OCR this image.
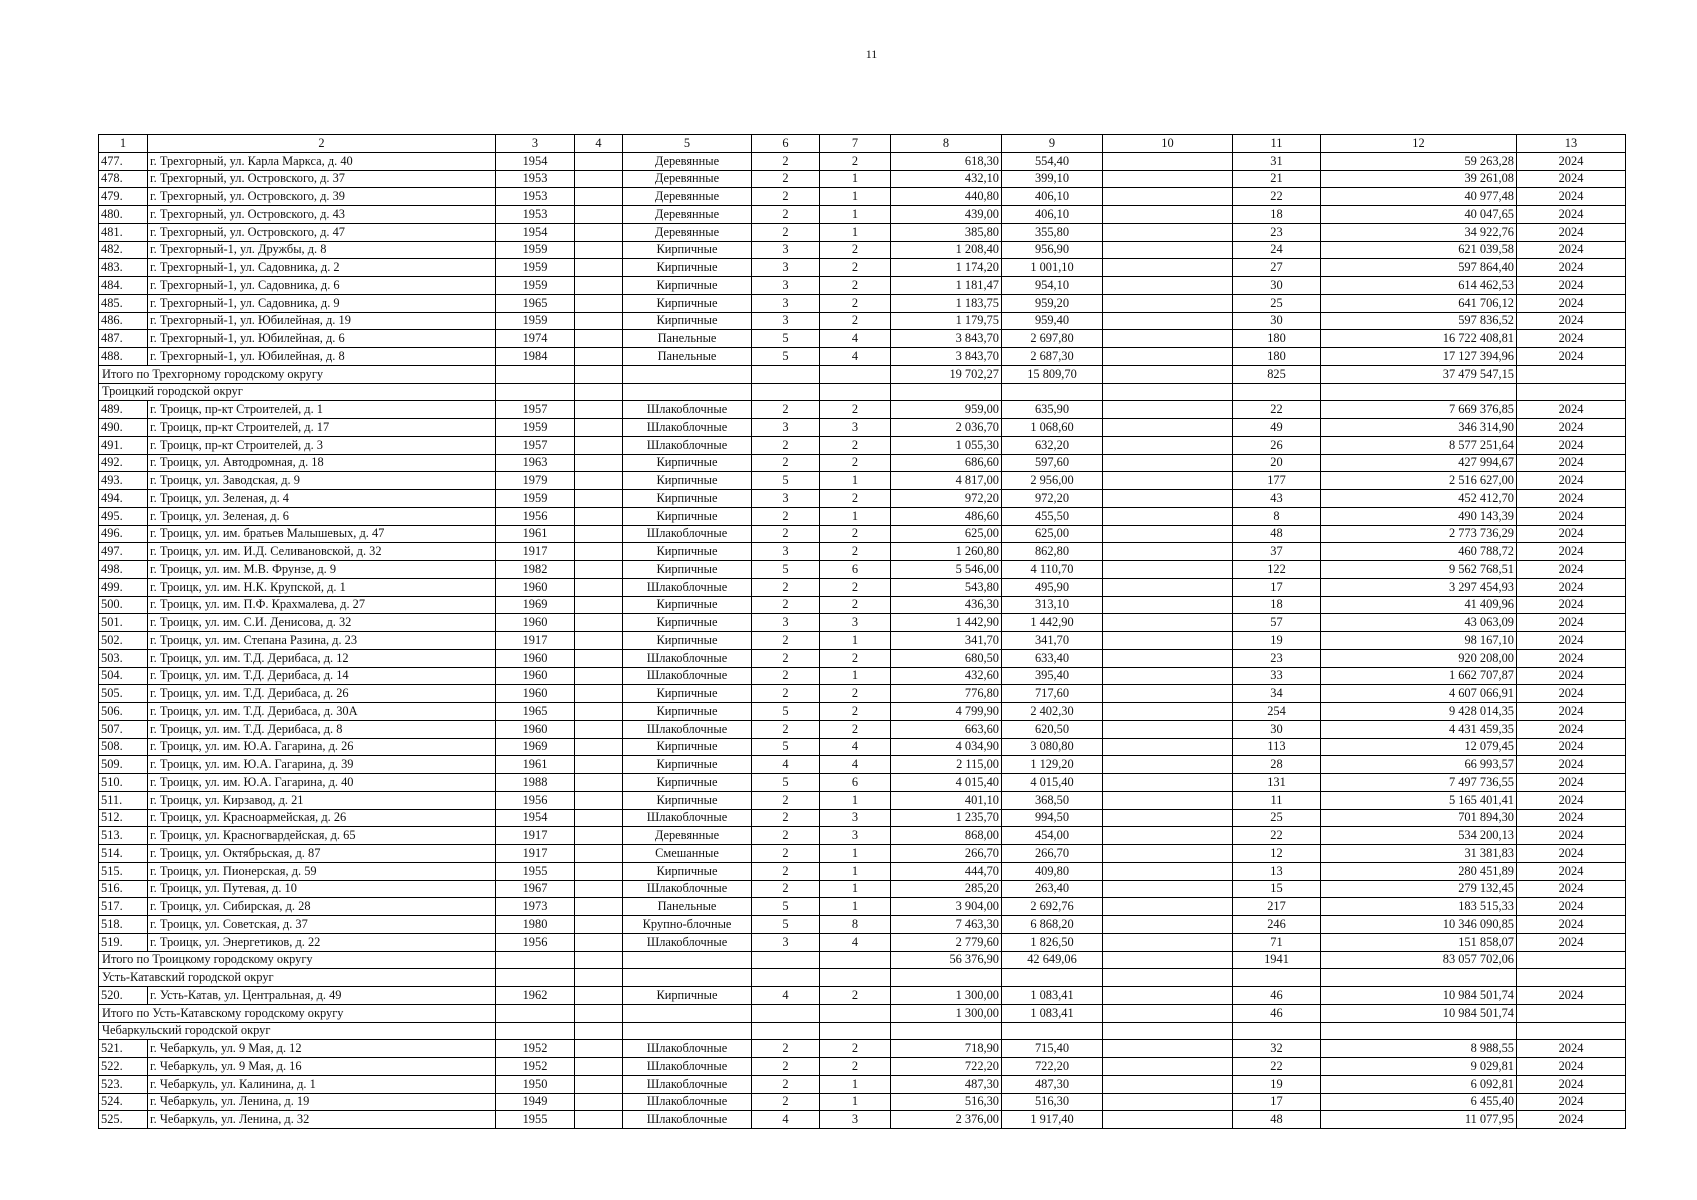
11
1	2	3	4	5	6	7	8	9	10	11	12	13
477.	г. Трехгорный, ул. Карла Маркса, д. 40	1954		Деревянные	2	2	618,30	554,40		31	59 263,28	2024
478.	г. Трехгорный, ул. Островского, д. 37	1953		Деревянные	2	1	432,10	399,10		21	39 261,08	2024
479.	г. Трехгорный, ул. Островского, д. 39	1953		Деревянные	2	1	440,80	406,10		22	40 977,48	2024
480.	г. Трехгорный, ул. Островского, д. 43	1953		Деревянные	2	1	439,00	406,10		18	40 047,65	2024
481.	г. Трехгорный, ул. Островского, д. 47	1954		Деревянные	2	1	385,80	355,80		23	34 922,76	2024
482.	г. Трехгорный-1, ул. Дружбы, д. 8	1959		Кирпичные	3	2	1 208,40	956,90		24	621 039,58	2024
483.	г. Трехгорный-1, ул. Садовника, д. 2	1959		Кирпичные	3	2	1 174,20	1 001,10		27	597 864,40	2024
484.	г. Трехгорный-1, ул. Садовника, д. 6	1959		Кирпичные	3	2	1 181,47	954,10		30	614 462,53	2024
485.	г. Трехгорный-1, ул. Садовника, д. 9	1965		Кирпичные	3	2	1 183,75	959,20		25	641 706,12	2024
486.	г. Трехгорный-1, ул. Юбилейная, д. 19	1959		Кирпичные	3	2	1 179,75	959,40		30	597 836,52	2024
487.	г. Трехгорный-1, ул. Юбилейная, д. 6	1974		Панельные	5	4	3 843,70	2 697,80		180	16 722 408,81	2024
488.	г. Трехгорный-1, ул. Юбилейная, д. 8	1984		Панельные	5	4	3 843,70	2 687,30		180	17 127 394,96	2024
Итого по Трехгорному городскому округу							19 702,27	15 809,70		825	37 479 547,15	
Троицкий городской округ												
489.	г. Троицк, пр-кт Строителей, д. 1	1957		Шлакоблочные	2	2	959,00	635,90		22	7 669 376,85	2024
490.	г. Троицк, пр-кт Строителей, д. 17	1959		Шлакоблочные	3	3	2 036,70	1 068,60		49	346 314,90	2024
491.	г. Троицк, пр-кт Строителей, д. 3	1957		Шлакоблочные	2	2	1 055,30	632,20		26	8 577 251,64	2024
492.	г. Троицк, ул. Автодромная, д. 18	1963		Кирпичные	2	2	686,60	597,60		20	427 994,67	2024
493.	г. Троицк, ул. Заводская, д. 9	1979		Кирпичные	5	1	4 817,00	2 956,00		177	2 516 627,00	2024
494.	г. Троицк, ул. Зеленая, д. 4	1959		Кирпичные	3	2	972,20	972,20		43	452 412,70	2024
495.	г. Троицк, ул. Зеленая, д. 6	1956		Кирпичные	2	1	486,60	455,50		8	490 143,39	2024
496.	г. Троицк, ул. им. братьев Малышевых, д. 47	1961		Шлакоблочные	2	2	625,00	625,00		48	2 773 736,29	2024
497.	г. Троицк, ул. им. И.Д. Селивановской, д. 32	1917		Кирпичные	3	2	1 260,80	862,80		37	460 788,72	2024
498.	г. Троицк, ул. им. М.В. Фрунзе, д. 9	1982		Кирпичные	5	6	5 546,00	4 110,70		122	9 562 768,51	2024
499.	г. Троицк, ул. им. Н.К. Крупской, д. 1	1960		Шлакоблочные	2	2	543,80	495,90		17	3 297 454,93	2024
500.	г. Троицк, ул. им. П.Ф. Крахмалева, д. 27	1969		Кирпичные	2	2	436,30	313,10		18	41 409,96	2024
501.	г. Троицк, ул. им. С.И. Денисова, д. 32	1960		Кирпичные	3	3	1 442,90	1 442,90		57	43 063,09	2024
502.	г. Троицк, ул. им. Степана Разина, д. 23	1917		Кирпичные	2	1	341,70	341,70		19	98 167,10	2024
503.	г. Троицк, ул. им. Т.Д. Дерибаса, д. 12	1960		Шлакоблочные	2	2	680,50	633,40		23	920 208,00	2024
504.	г. Троицк, ул. им. Т.Д. Дерибаса, д. 14	1960		Шлакоблочные	2	1	432,60	395,40		33	1 662 707,87	2024
505.	г. Троицк, ул. им. Т.Д. Дерибаса, д. 26	1960		Кирпичные	2	2	776,80	717,60		34	4 607 066,91	2024
506.	г. Троицк, ул. им. Т.Д. Дерибаса, д. 30А	1965		Кирпичные	5	2	4 799,90	2 402,30		254	9 428 014,35	2024
507.	г. Троицк, ул. им. Т.Д. Дерибаса, д. 8	1960		Шлакоблочные	2	2	663,60	620,50		30	4 431 459,35	2024
508.	г. Троицк, ул. им. Ю.А. Гагарина, д. 26	1969		Кирпичные	5	4	4 034,90	3 080,80		113	12 079,45	2024
509.	г. Троицк, ул. им. Ю.А. Гагарина, д. 39	1961		Кирпичные	4	4	2 115,00	1 129,20		28	66 993,57	2024
510.	г. Троицк, ул. им. Ю.А. Гагарина, д. 40	1988		Кирпичные	5	6	4 015,40	4 015,40		131	7 497 736,55	2024
511.	г. Троицк, ул. Кирзавод, д. 21	1956		Кирпичные	2	1	401,10	368,50		11	5 165 401,41	2024
512.	г. Троицк, ул. Красноармейская, д. 26	1954		Шлакоблочные	2	3	1 235,70	994,50		25	701 894,30	2024
513.	г. Троицк, ул. Красногвардейская, д. 65	1917		Деревянные	2	3	868,00	454,00		22	534 200,13	2024
514.	г. Троицк, ул. Октябрьская, д. 87	1917		Смешанные	2	1	266,70	266,70		12	31 381,83	2024
515.	г. Троицк, ул. Пионерская, д. 59	1955		Кирпичные	2	1	444,70	409,80		13	280 451,89	2024
516.	г. Троицк, ул. Путевая, д. 10	1967		Шлакоблочные	2	1	285,20	263,40		15	279 132,45	2024
517.	г. Троицк, ул. Сибирская, д. 28	1973		Панельные	5	1	3 904,00	2 692,76		217	183 515,33	2024
518.	г. Троицк, ул. Советская, д. 37	1980		Крупно-блочные	5	8	7 463,30	6 868,20		246	10 346 090,85	2024
519.	г. Троицк, ул. Энергетиков, д. 22	1956		Шлакоблочные	3	4	2 779,60	1 826,50		71	151 858,07	2024
Итого по Троицкому городскому округу							56 376,90	42 649,06		1941	83 057 702,06	
Усть-Катавский городской округ												
520.	г. Усть-Катав, ул. Центральная, д. 49	1962		Кирпичные	4	2	1 300,00	1 083,41		46	10 984 501,74	2024
Итого по Усть-Катавскому городскому округу							1 300,00	1 083,41		46	10 984 501,74	
Чебаркульский городской округ												
521.	г. Чебаркуль, ул. 9 Мая, д. 12	1952		Шлакоблочные	2	2	718,90	715,40		32	8 988,55	2024
522.	г. Чебаркуль, ул. 9 Мая, д. 16	1952		Шлакоблочные	2	2	722,20	722,20		22	9 029,81	2024
523.	г. Чебаркуль, ул. Калинина, д. 1	1950		Шлакоблочные	2	1	487,30	487,30		19	6 092,81	2024
524.	г. Чебаркуль, ул. Ленина, д. 19	1949		Шлакоблочные	2	1	516,30	516,30		17	6 455,40	2024
525.	г. Чебаркуль, ул. Ленина, д. 32	1955		Шлакоблочные	4	3	2 376,00	1 917,40		48	11 077,95	2024
